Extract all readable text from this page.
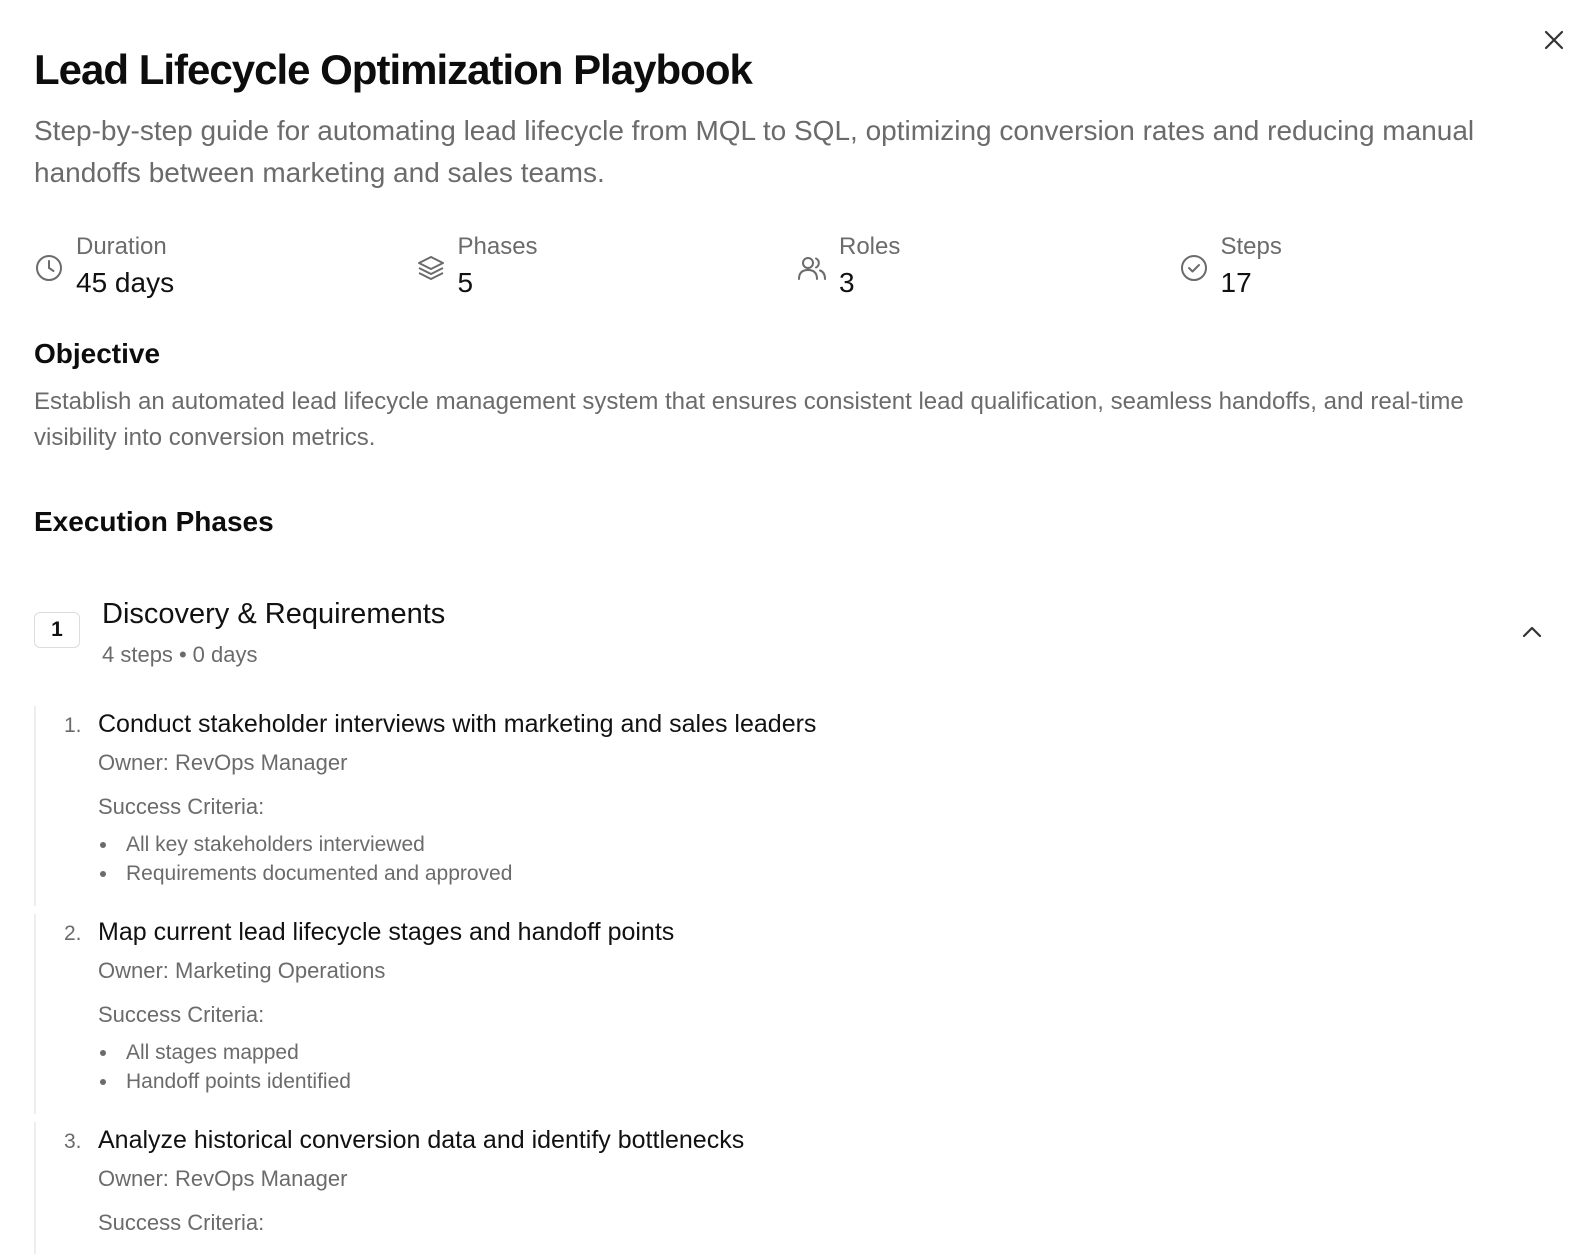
Lead Lifecycle Optimization Playbook

Step-by-step guide for automating lead lifecycle from MQL to SQL, optimizing conversion rates and reducing manual handoffs between marketing and sales teams.

Duration
45 days
Phases
5
Roles
3
Steps
17
Objective

Establish an automated lead lifecycle management system that ensures consistent lead qualification, seamless handoffs, and real-time visibility into conversion metrics.

Execution Phases
1	Discovery & Requirements
4 steps • 0 days
1. Conduct stakeholder interviews with marketing and sales leaders
Owner: RevOps Manager
Success Criteria:
All key stakeholders interviewed
Requirements documented and approved
2. Map current lead lifecycle stages and handoff points
Owner: Marketing Operations
Success Criteria:
All stages mapped
Handoff points identified
3. Analyze historical conversion data and identify bottlenecks
Owner: RevOps Manager
Success Criteria:
